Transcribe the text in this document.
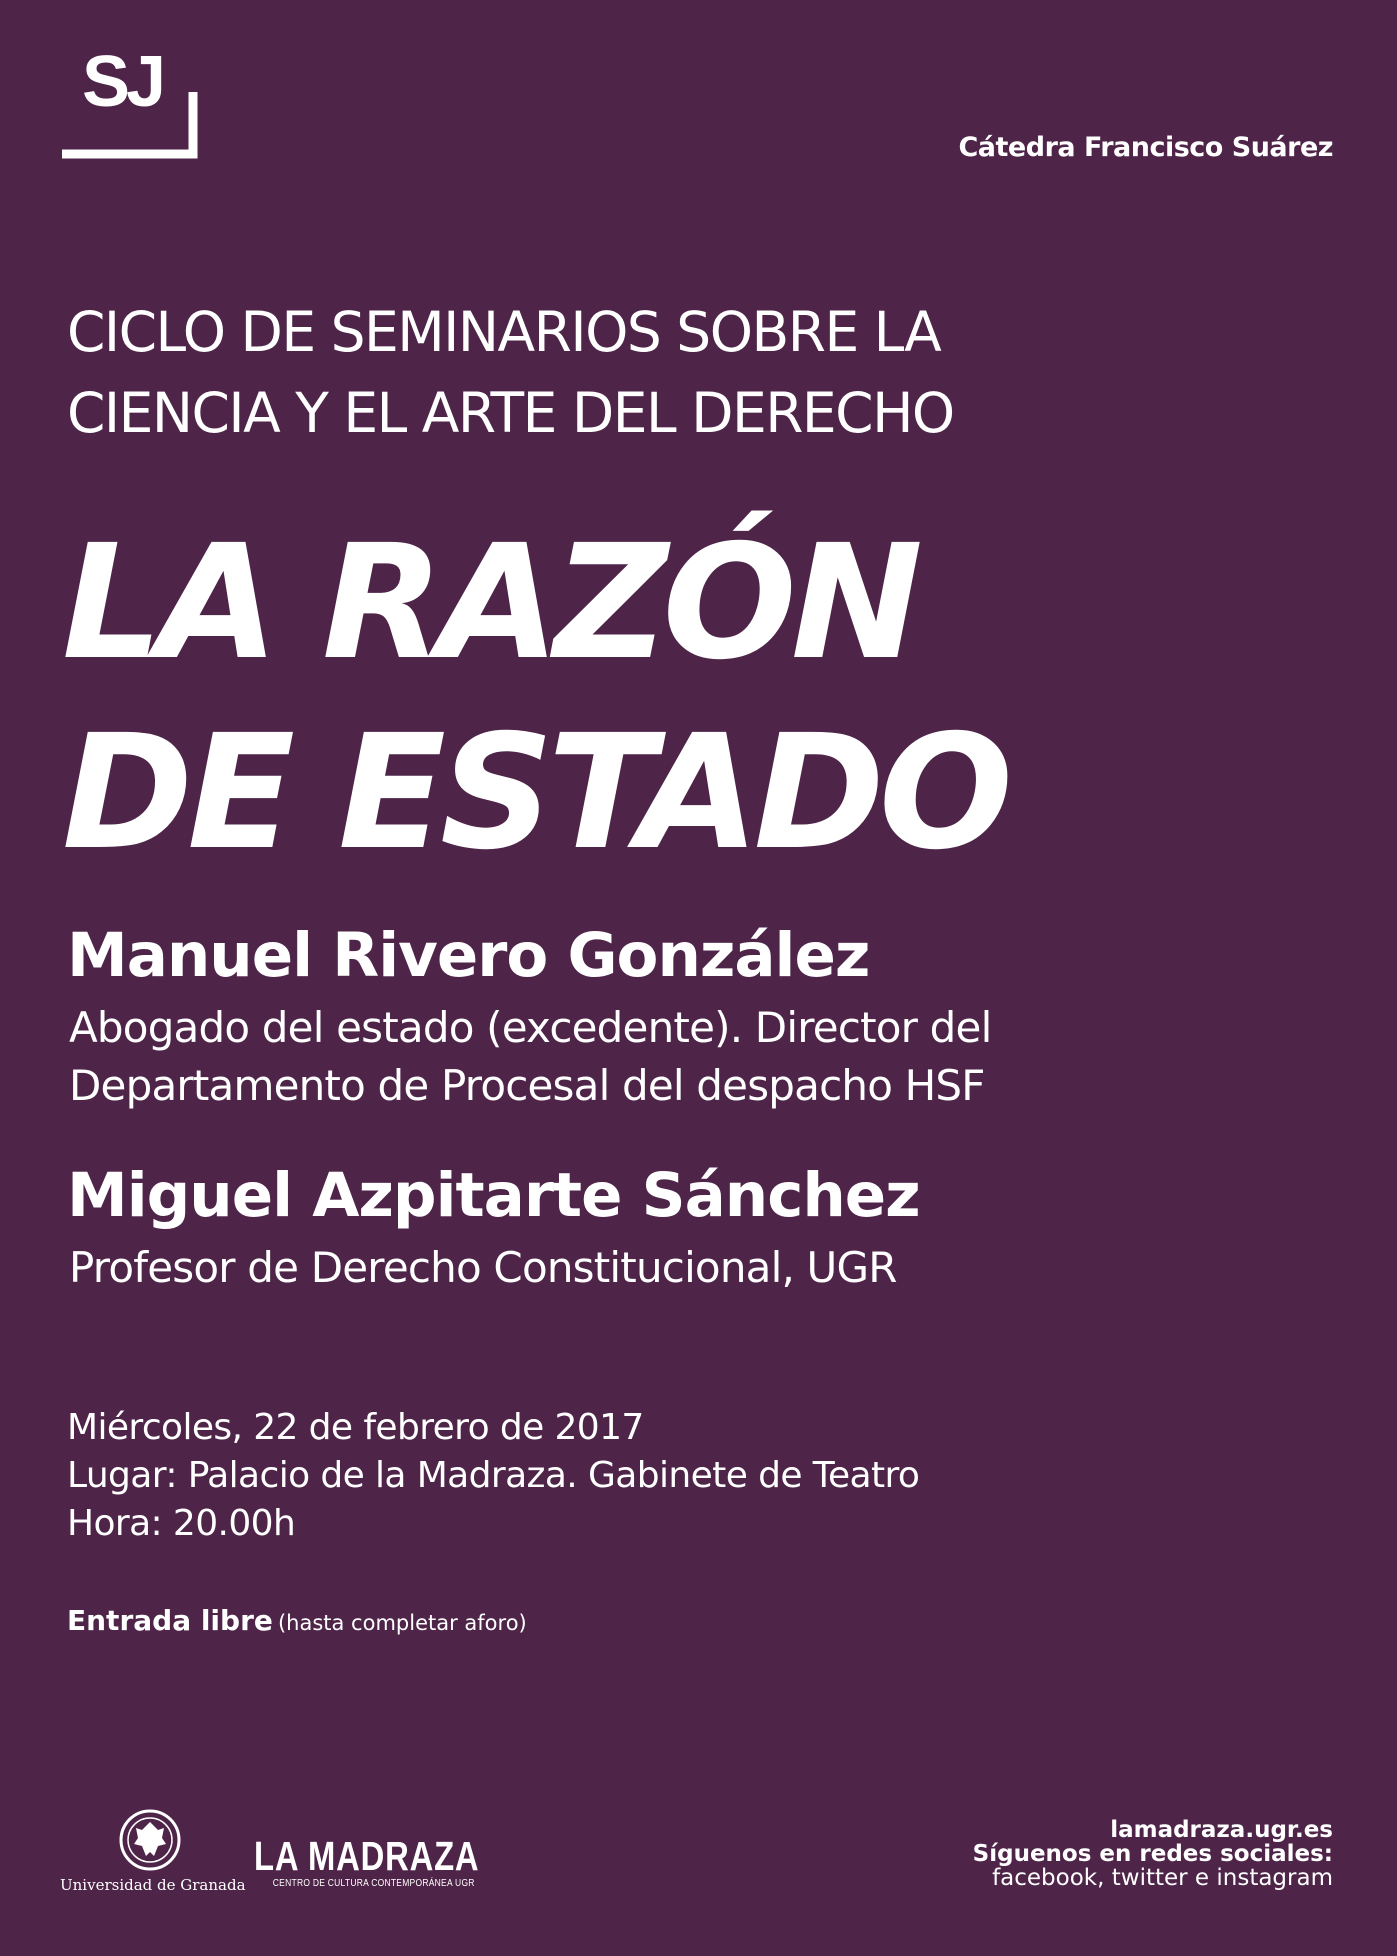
SJ
Cátedra Francisco Suárez
CICLO DE SEMINARIOS SOBRE LA
CIENCIA Y EL ARTE DEL DERECHO
LA RAZÓN
DE ESTADO
Manuel Rivero González
Abogado del estado (excedente). Director del
Departamento de Procesal del despacho HSF
Miguel Azpitarte Sánchez
Profesor de Derecho Constitucional, UGR
Miércoles, 22 de febrero de 2017
Lugar: Palacio de la Madraza. Gabinete de Teatro
Hora: 20.00h
Entrada libre (hasta completar aforo)
Universidad de Granada
LA MADRAZA
CENTRO DE CULTURA CONTEMPORÁNEA UGR
lamadraza.ugr.es
Síguenos en redes sociales:
facebook, twitter e instagram
